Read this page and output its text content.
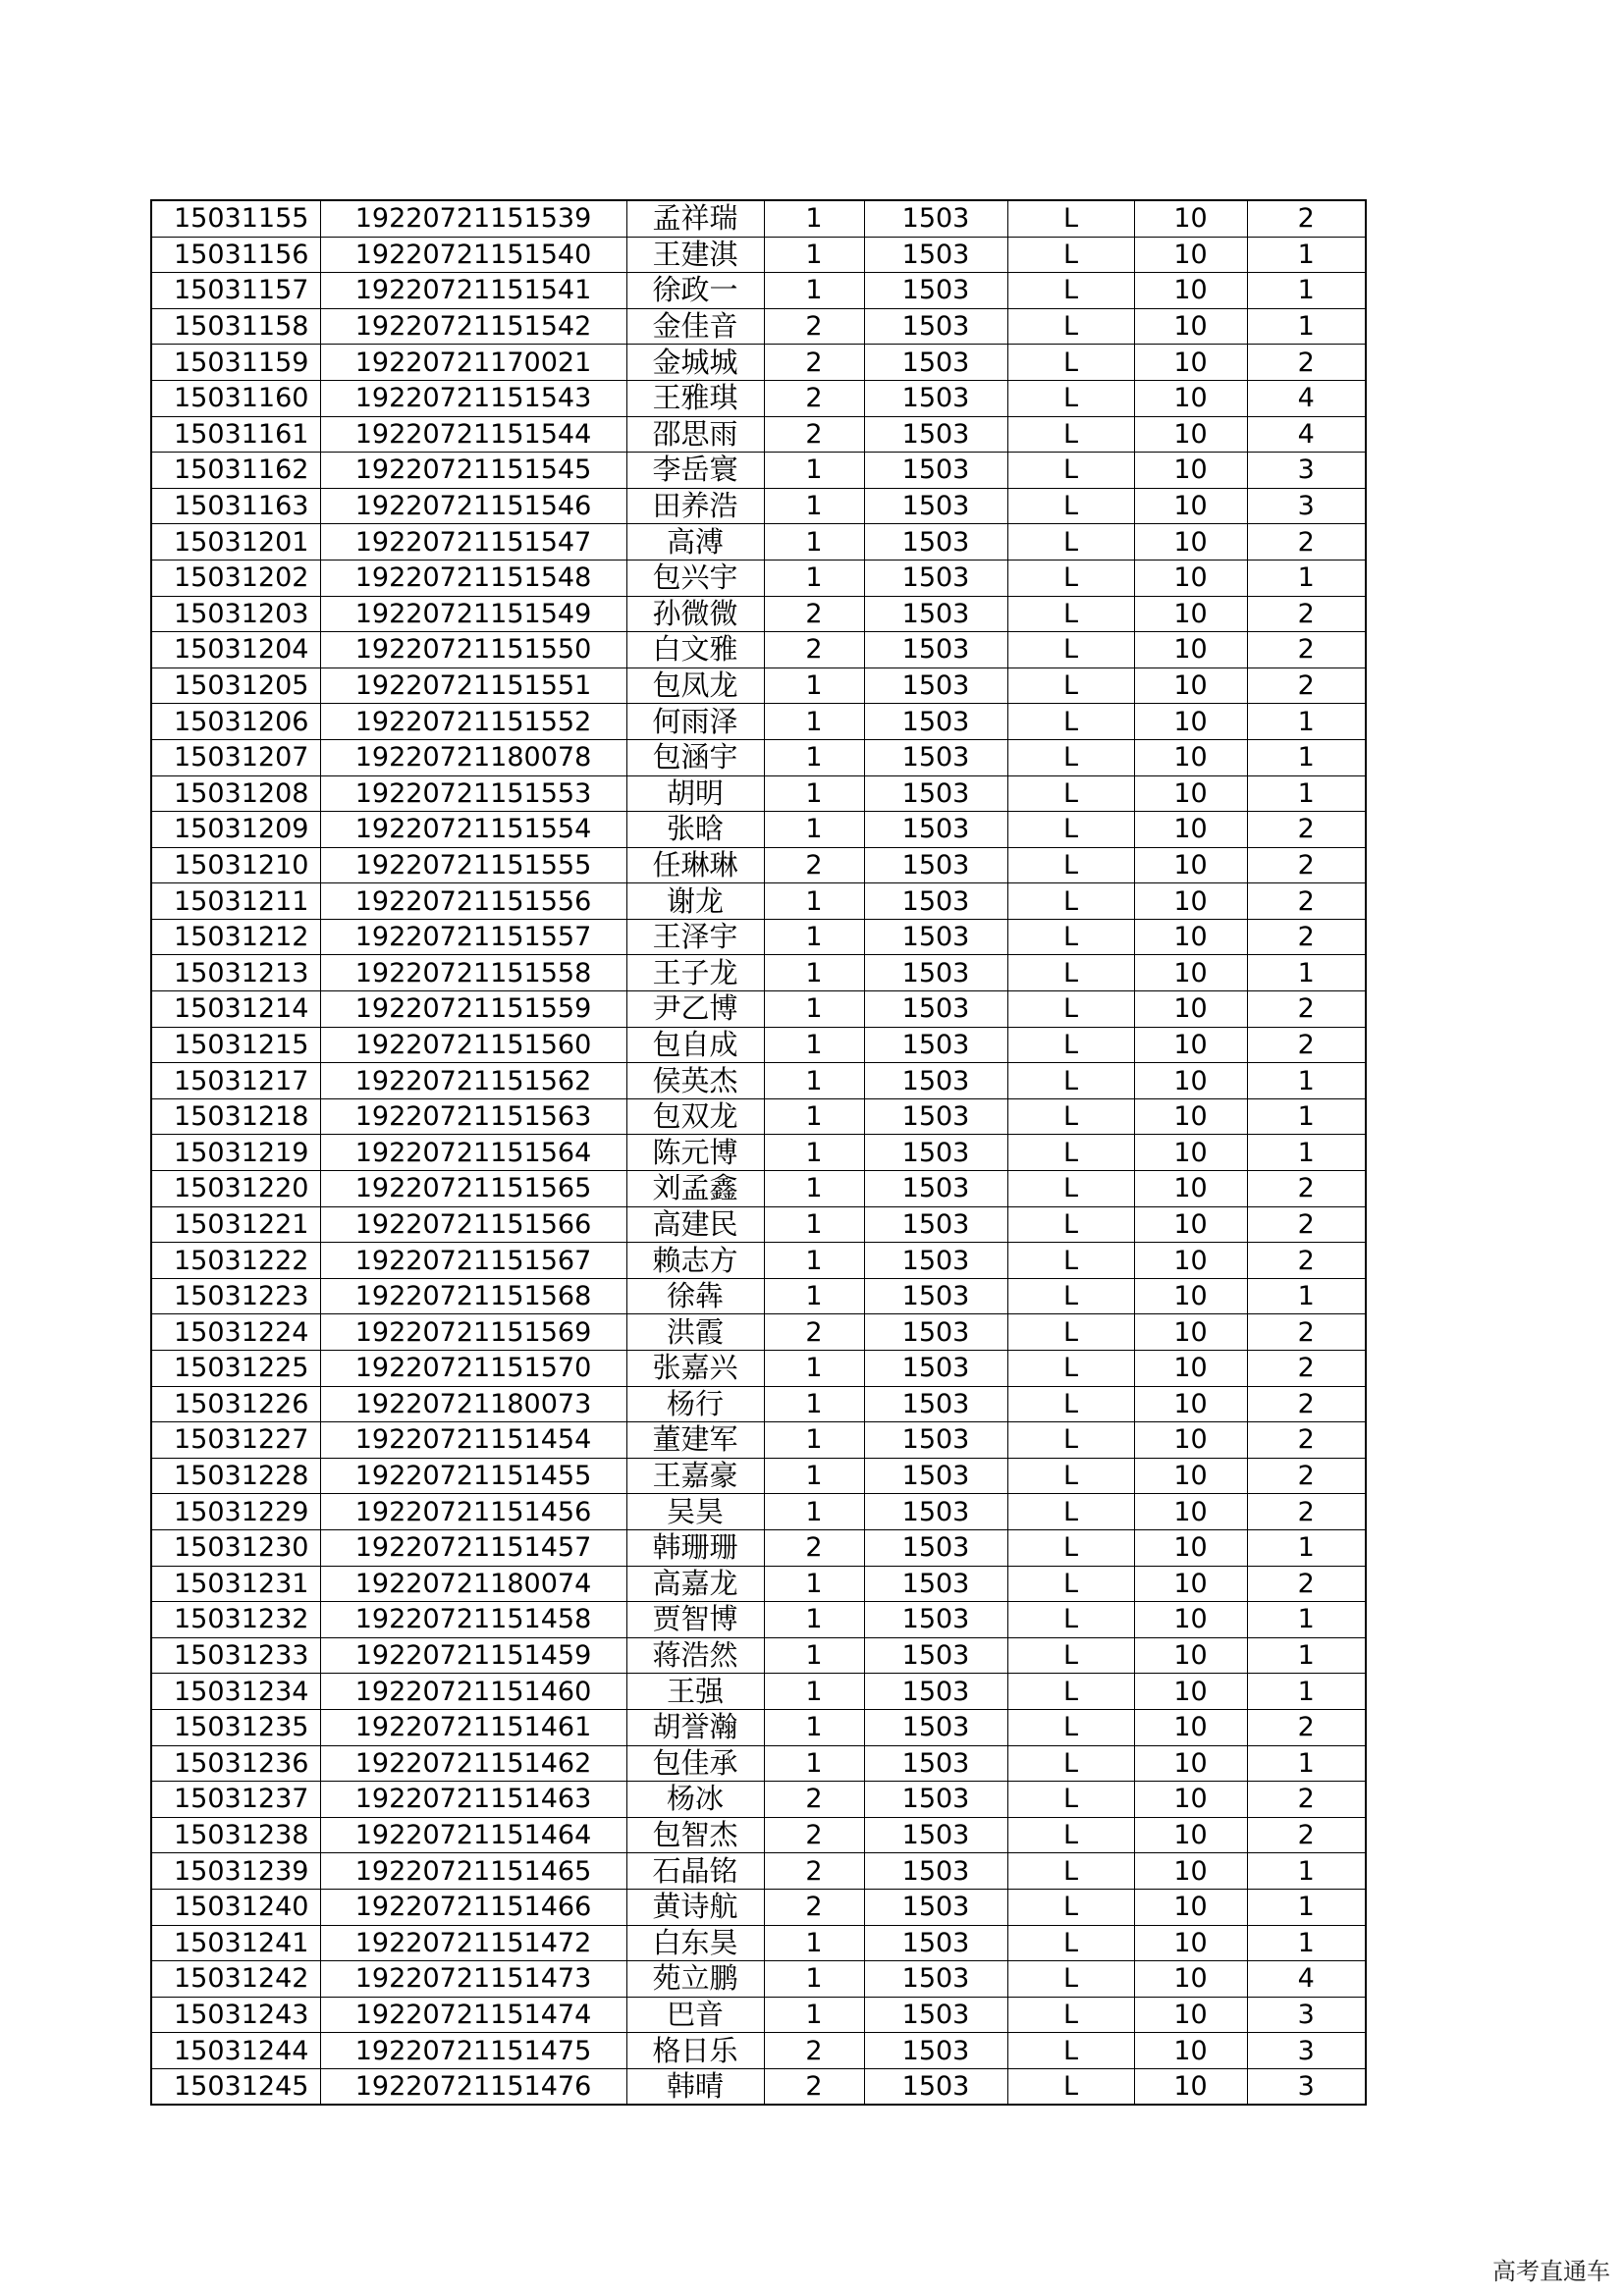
15031155	19220721151539	孟祥瑞	1	1503	L	10	2
15031156	19220721151540	王建淇	1	1503	L	10	1
15031157	19220721151541	徐政一	1	1503	L	10	1
15031158	19220721151542	金佳音	2	1503	L	10	1
15031159	19220721170021	金城城	2	1503	L	10	2
15031160	19220721151543	王雅琪	2	1503	L	10	4
15031161	19220721151544	邵思雨	2	1503	L	10	4
15031162	19220721151545	李岳寰	1	1503	L	10	3
15031163	19220721151546	田养浩	1	1503	L	10	3
15031201	19220721151547	高溥	1	1503	L	10	2
15031202	19220721151548	包兴宇	1	1503	L	10	1
15031203	19220721151549	孙微微	2	1503	L	10	2
15031204	19220721151550	白文雅	2	1503	L	10	2
15031205	19220721151551	包凤龙	1	1503	L	10	2
15031206	19220721151552	何雨泽	1	1503	L	10	1
15031207	19220721180078	包涵宇	1	1503	L	10	1
15031208	19220721151553	胡明	1	1503	L	10	1
15031209	19220721151554	张晗	1	1503	L	10	2
15031210	19220721151555	任琳琳	2	1503	L	10	2
15031211	19220721151556	谢龙	1	1503	L	10	2
15031212	19220721151557	王泽宇	1	1503	L	10	2
15031213	19220721151558	王子龙	1	1503	L	10	1
15031214	19220721151559	尹乙博	1	1503	L	10	2
15031215	19220721151560	包自成	1	1503	L	10	2
15031217	19220721151562	侯英杰	1	1503	L	10	1
15031218	19220721151563	包双龙	1	1503	L	10	1
15031219	19220721151564	陈元博	1	1503	L	10	1
15031220	19220721151565	刘孟鑫	1	1503	L	10	2
15031221	19220721151566	高建民	1	1503	L	10	2
15031222	19220721151567	赖志方	1	1503	L	10	2
15031223	19220721151568	徐犇	1	1503	L	10	1
15031224	19220721151569	洪霞	2	1503	L	10	2
15031225	19220721151570	张嘉兴	1	1503	L	10	2
15031226	19220721180073	杨行	1	1503	L	10	2
15031227	19220721151454	董建军	1	1503	L	10	2
15031228	19220721151455	王嘉豪	1	1503	L	10	2
15031229	19220721151456	吴昊	1	1503	L	10	2
15031230	19220721151457	韩珊珊	2	1503	L	10	1
15031231	19220721180074	高嘉龙	1	1503	L	10	2
15031232	19220721151458	贾智博	1	1503	L	10	1
15031233	19220721151459	蒋浩然	1	1503	L	10	1
15031234	19220721151460	王强	1	1503	L	10	1
15031235	19220721151461	胡誉瀚	1	1503	L	10	2
15031236	19220721151462	包佳承	1	1503	L	10	1
15031237	19220721151463	杨冰	2	1503	L	10	2
15031238	19220721151464	包智杰	2	1503	L	10	2
15031239	19220721151465	石晶铭	2	1503	L	10	1
15031240	19220721151466	黄诗航	2	1503	L	10	1
15031241	19220721151472	白东昊	1	1503	L	10	1
15031242	19220721151473	苑立鹏	1	1503	L	10	4
15031243	19220721151474	巴音	1	1503	L	10	3
15031244	19220721151475	格日乐	2	1503	L	10	3
15031245	19220721151476	韩晴	2	1503	L	10	3
高考直通车
